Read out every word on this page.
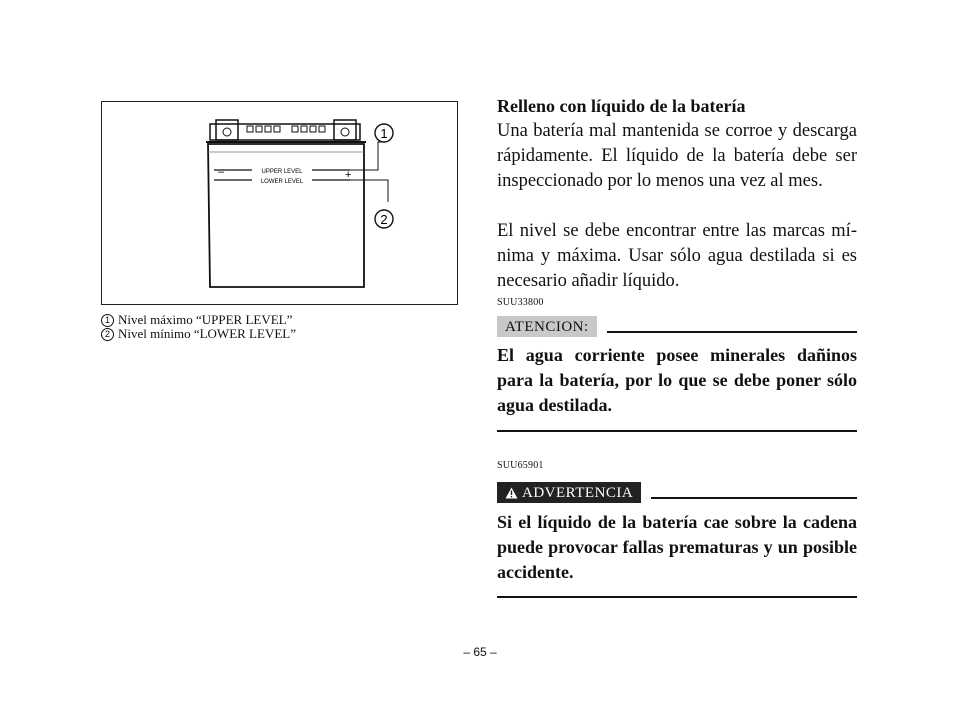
UPPER LEVEL
LOWER LEVEL
–	+
1
2
1 Nivel máximo “UPPER LEVEL”
2 Nivel mínimo “LOWER LEVEL”
Relleno con líquido de la batería

Una batería mal mantenida se corroe y descarga rápidamente. El líquido de la batería debe ser inspeccionado por lo menos una vez al mes.

El nivel se debe encontrar entre las marcas mínima y máxima. Usar sólo agua destilada si es necesario añadir líquido.

SUU33800
ATENCION:

El agua corriente posee minerales dañinos para la batería, por lo que se debe poner sólo agua destilada.

SUU65901
ADVERTENCIA

Si el líquido de la batería cae sobre la cadena puede provocar fallas prematuras y un posible accidente.

– 65 –
